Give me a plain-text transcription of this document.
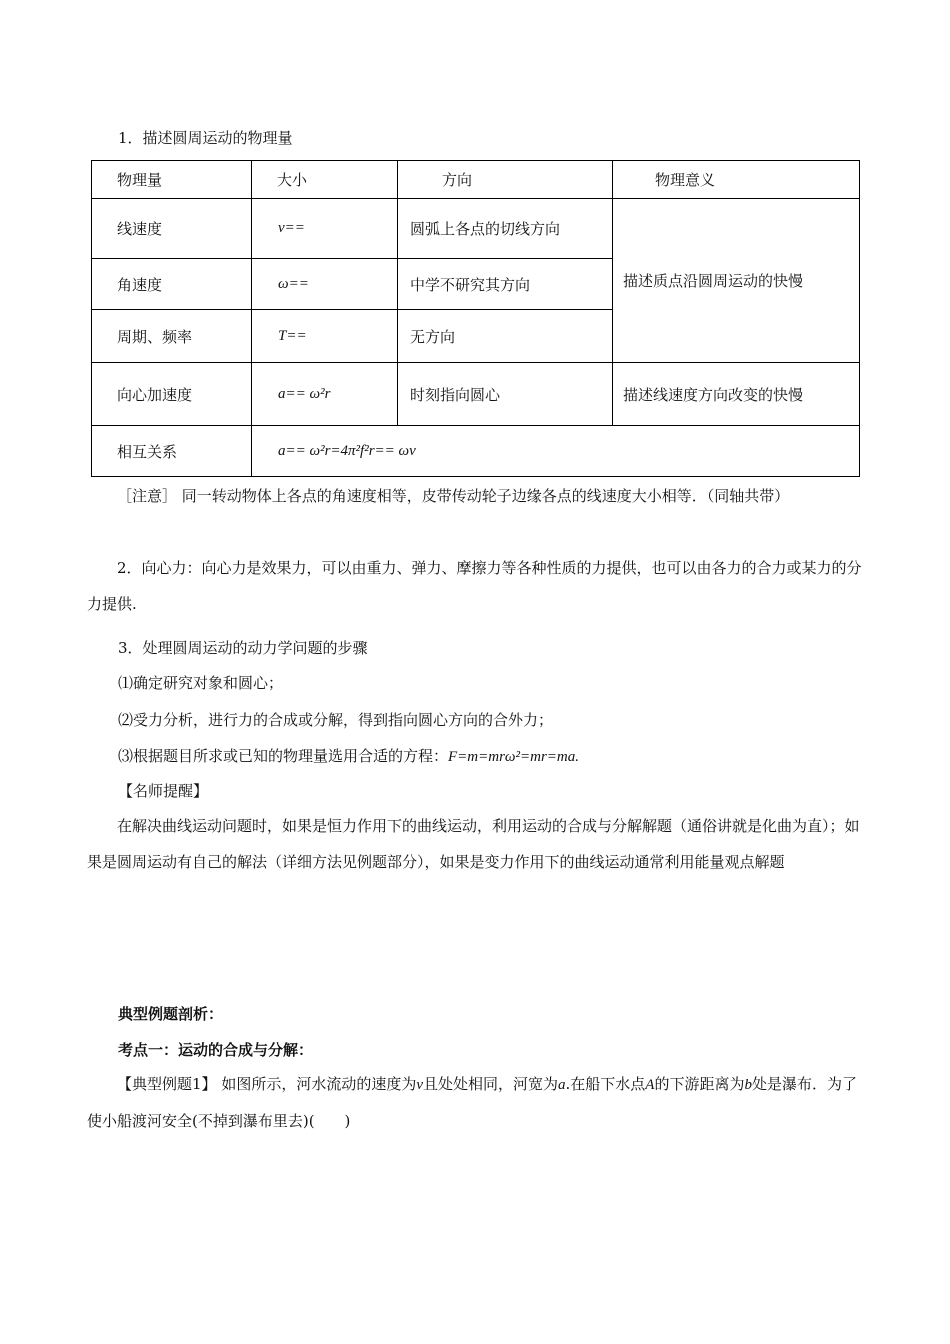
1．描述圆周运动的物理量
物理量	大小	方向	物理意义
线速度	v==	圆弧上各点的切线方向	描述质点沿圆周运动的快慢
角速度	ω==	中学不研究其方向	
周期、频率	T==	无方向	
向心加速度	a== ω²r	时刻指向圆心	描述线速度方向改变的快慢
相互关系	a== ω²r=4π²f²r== ωv		
［注意］ 同一转动物体上各点的角速度相等，皮带传动轮子边缘各点的线速度大小相等．（同轴共带）
2．向心力：向心力是效果力，可以由重力、弹力、摩擦力等各种性质的力提供，也可以由各力的合力或某力的分力提供.
3．处理圆周运动的动力学问题的步骤
⑴确定研究对象和圆心；
⑵受力分析，进行力的合成或分解，得到指向圆心方向的合外力；
⑶根据题目所求或已知的物理量选用合适的方程：F=m=mrω²=mr=ma.
【名师提醒】
在解决曲线运动问题时，如果是恒力作用下的曲线运动，利用运动的合成与分解解题（通俗讲就是化曲为直）；如果是圆周运动有自己的解法（详细方法见例题部分），如果是变力作用下的曲线运动通常利用能量观点解题
典型例题剖析：
考点一：运动的合成与分解：
【典型例题1】 如图所示，河水流动的速度为v且处处相同，河宽为a.在船下水点A的下游距离为b处是瀑布．为了使小船渡河安全(不掉到瀑布里去)(　　)
